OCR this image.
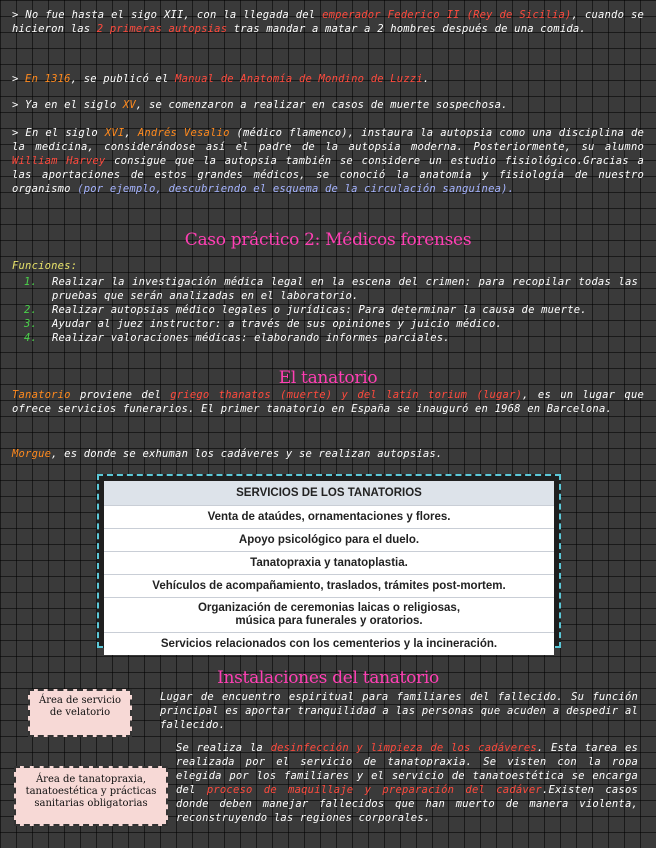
> No fue hasta el sigo XII, con la llegada del emperador Federico II (Rey de Sicilia), cuando se hicieron las 2 primeras autopsias tras mandar a matar a 2 hombres después de una comida.
> En 1316, se publicó el Manual de Anatomía de Mondino de Luzzi.
> Ya en el siglo XV, se comenzaron a realizar en casos de muerte sospechosa.
> En el siglo XVI, Andrés Vesalio (médico flamenco), instaura la autopsia como una disciplina de la medicina, considerándose así el padre de la autopsia moderna. Posteriormente, su alumno William Harvey consigue que la autopsia también se considere un estudio fisiológico.Gracias a las aportaciones de estos grandes médicos, se conoció la anatomía y fisiología de nuestro organismo (por ejemplo, descubriendo el esquema de la circulación sanguínea).
Caso práctico 2: Médicos forenses
Funciones:
1. Realizar la investigación médica legal en la escena del crimen: para recopilar todas las pruebas que serán analizadas en el laboratorio.
2. Realizar autopsias médico legales o jurídicas: Para determinar la causa de muerte.
3. Ayudar al juez instructor: a través de sus opiniones y juicio médico.
4. Realizar valoraciones médicas: elaborando informes parciales.
El tanatorio
Tanatorio proviene del griego thanatos (muerte) y del latín torium (lugar), es un lugar que ofrece servicios funerarios. El primer tanatorio en España se inauguró en 1968 en Barcelona.
Morgue, es donde se exhuman los cadáveres y se realizan autopsias.
SERVICIOS DE LOS TANATORIOS
Venta de ataúdes, ornamentaciones y flores.
Apoyo psicológico para el duelo.
Tanatopraxia y tanatoplastia.
Vehículos de acompañamiento, traslados, trámites post-mortem.
Organización de ceremonias laicas o religiosas,
música para funerales y oratorios.
Servicios relacionados con los cementerios y la incineración.
Instalaciones del tanatorio
Área de servicio de velatorio
Lugar de encuentro espiritual para familiares del fallecido. Su función principal es aportar tranquilidad a las personas que acuden a despedir al fallecido.
Área de tanatopraxia, tanatoestética y prácticas sanitarias obligatorias
Se realiza la desinfección y limpieza de los cadáveres. Esta tarea es realizada por el servicio de tanatopraxia. Se visten con la ropa elegida por los familiares y el servicio de tanatoestética se encarga del proceso de maquillaje y preparación del cadáver.Existen casos donde deben manejar fallecidos que han muerto de manera violenta, reconstruyendo las regiones corporales.
